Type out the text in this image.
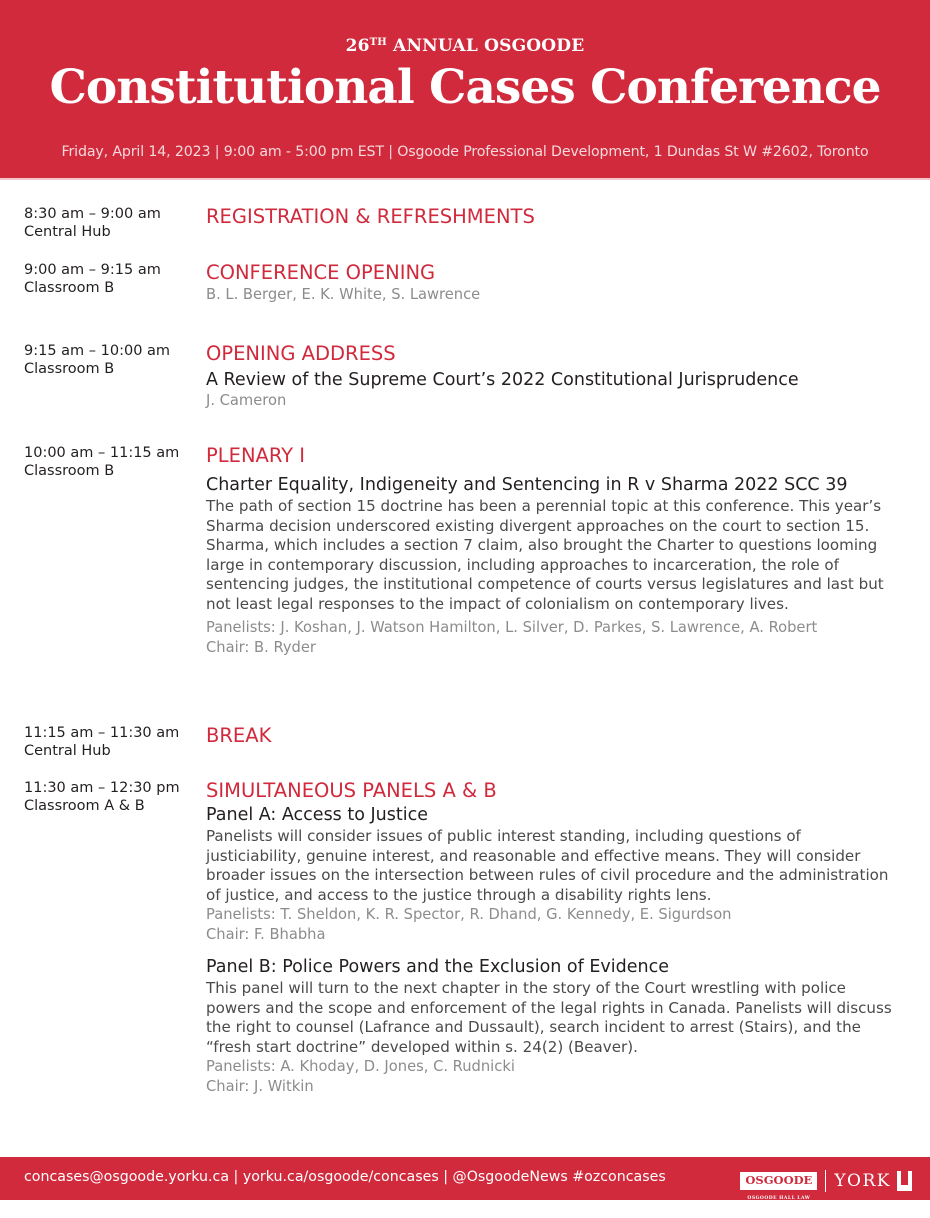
26TH ANNUAL OSGOODE
Constitutional Cases Conference
Friday, April 14, 2023 | 9:00 am - 5:00 pm EST | Osgoode Professional Development, 1 Dundas St W #2602, Toronto
8:30 am – 9:00 am
Central Hub
REGISTRATION & REFRESHMENTS
9:00 am – 9:15 am
Classroom B
CONFERENCE OPENING
B. L. Berger, E. K. White, S. Lawrence
9:15 am – 10:00 am
Classroom B
OPENING ADDRESS
A Review of the Supreme Court’s 2022 Constitutional Jurisprudence
J. Cameron
10:00 am – 11:15 am
Classroom B
PLENARY I
Charter Equality, Indigeneity and Sentencing in R v Sharma 2022 SCC 39
The path of section 15 doctrine has been a perennial topic at this conference. This year’s Sharma decision underscored existing divergent approaches on the court to section 15. Sharma, which includes a section 7 claim, also brought the Charter to questions looming large in contemporary discussion, including approaches to incarceration, the role of sentencing judges, the institutional competence of courts versus legislatures and last but not least legal responses to the impact of colonialism on contemporary lives.
Panelists: J. Koshan, J. Watson Hamilton, L. Silver, D. Parkes, S. Lawrence, A. Robert
Chair: B. Ryder
11:15 am – 11:30 am
Central Hub
BREAK
11:30 am – 12:30 pm
Classroom A & B
SIMULTANEOUS PANELS A & B
Panel A: Access to Justice
Panelists will consider issues of public interest standing, including questions of justiciability, genuine interest, and reasonable and effective means. They will consider broader issues on the intersection between rules of civil procedure and the administration of justice, and access to the justice through a disability rights lens.
Panelists: T. Sheldon, K. R. Spector, R. Dhand, G. Kennedy, E. Sigurdson
Chair: F. Bhabha
Panel B: Police Powers and the Exclusion of Evidence
This panel will turn to the next chapter in the story of the Court wrestling with police powers and the scope and enforcement of the legal rights in Canada. Panelists will discuss the right to counsel (Lafrance and Dussault), search incident to arrest (Stairs), and the “fresh start doctrine” developed within s. 24(2) (Beaver).
Panelists: A. Khoday, D. Jones, C. Rudnicki
Chair: J. Witkin
concases@osgoode.yorku.ca | yorku.ca/osgoode/concases | @OsgoodeNews #ozconcases	OSGOODE
OSGOODE HALL LAW SCHOOL
YORK
